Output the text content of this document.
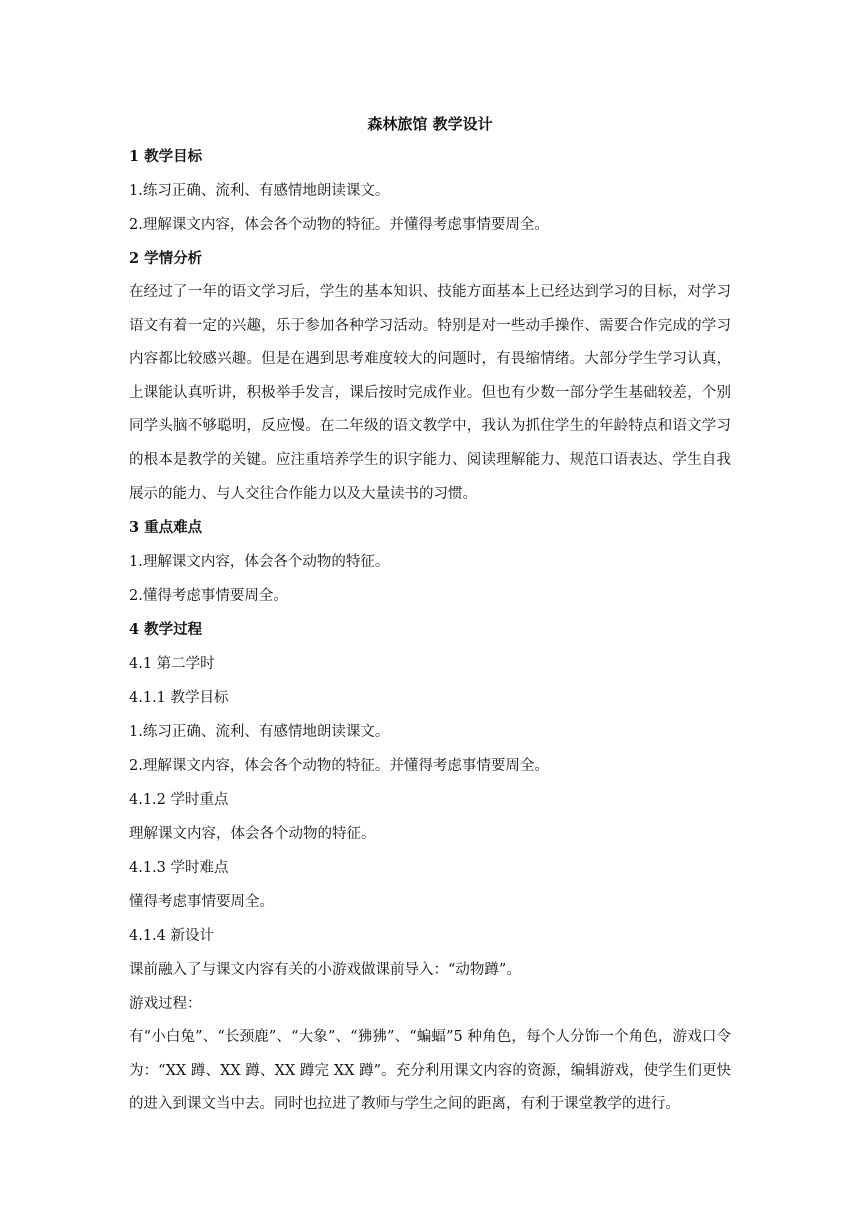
森林旅馆 教学设计

1 教学目标

1.练习正确、流利、有感情地朗读课文。

2.理解课文内容，体会各个动物的特征。并懂得考虑事情要周全。

2 学情分析

在经过了一年的语文学习后，学生的基本知识、技能方面基本上已经达到学习的目标，对学习语文有着一定的兴趣，乐于参加各种学习活动。特别是对一些动手操作、需要合作完成的学习内容都比较感兴趣。但是在遇到思考难度较大的问题时，有畏缩情绪。大部分学生学习认真，上课能认真听讲，积极举手发言，课后按时完成作业。但也有少数一部分学生基础较差，个别同学头脑不够聪明，反应慢。在二年级的语文教学中，我认为抓住学生的年龄特点和语文学习的根本是教学的关键。应注重培养学生的识字能力、阅读理解能力、规范口语表达、学生自我展示的能力、与人交往合作能力以及大量读书的习惯。

3 重点难点

1.理解课文内容，体会各个动物的特征。

2.懂得考虑事情要周全。

4 教学过程

4.1 第二学时

4.1.1 教学目标

1.练习正确、流利、有感情地朗读课文。

2.理解课文内容，体会各个动物的特征。并懂得考虑事情要周全。

4.1.2 学时重点

理解课文内容，体会各个动物的特征。

4.1.3 学时难点

懂得考虑事情要周全。

4.1.4 新设计

课前融入了与课文内容有关的小游戏做课前导入：“动物蹲”。

游戏过程：

有“小白兔”、“长颈鹿”、“大象”、“狒狒”、“蝙蝠”5 种角色，每个人分饰一个角色，游戏口令为：“XX 蹲、XX 蹲、XX 蹲完 XX 蹲”。充分利用课文内容的资源，编辑游戏，使学生们更快的进入到课文当中去。同时也拉进了教师与学生之间的距离，有利于课堂教学的进行。
